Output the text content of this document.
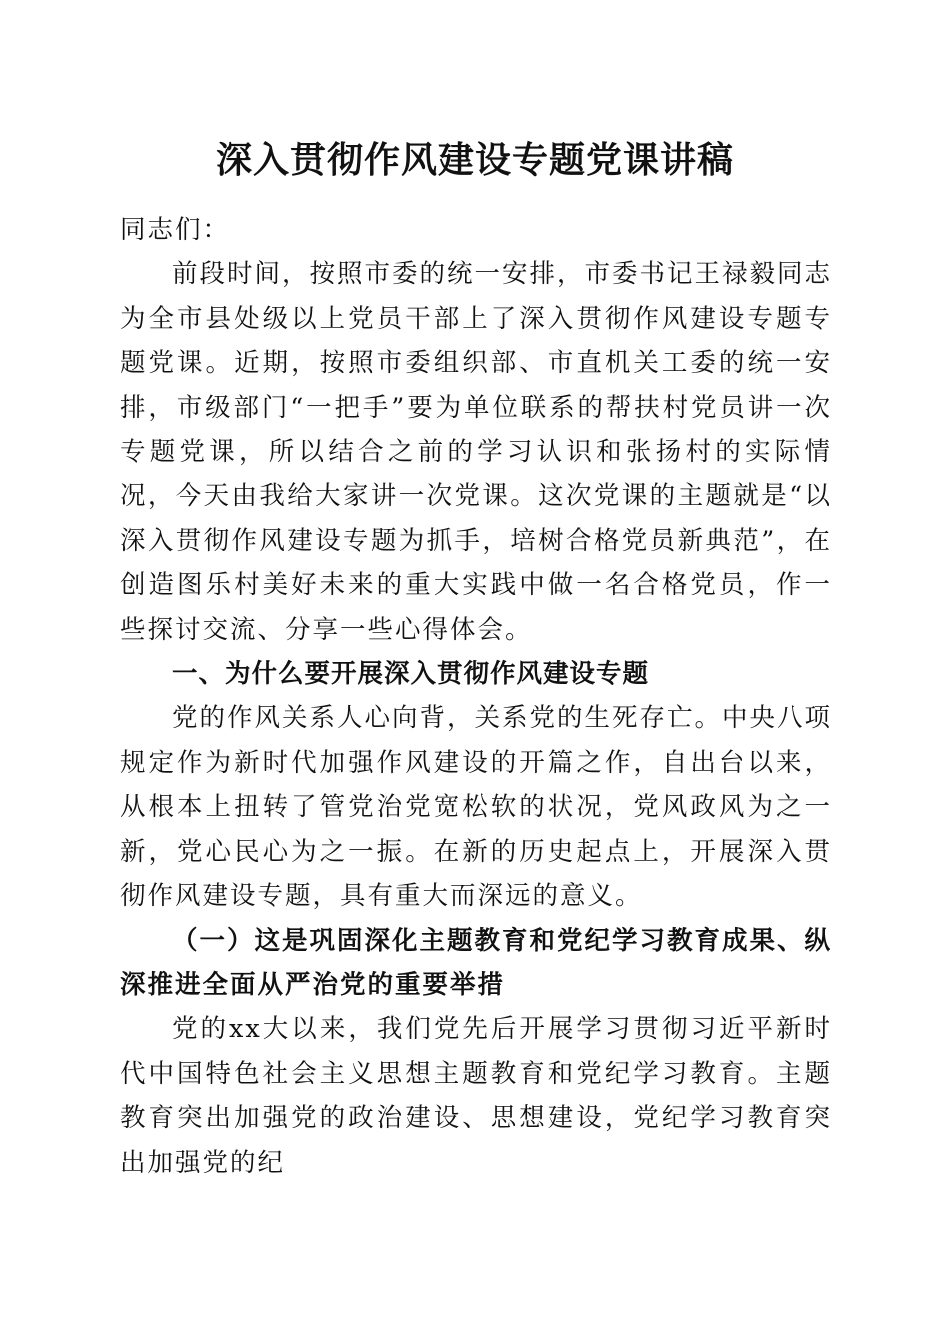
深入贯彻作风建设专题党课讲稿

同志们：

前段时间，按照市委的统一安排，市委书记王禄毅同志为全市县处级以上党员干部上了深入贯彻作风建设专题专题党课。近期，按照市委组织部、市直机关工委的统一安排，市级部门“一把手”要为单位联系的帮扶村党员讲一次专题党课，所以结合之前的学习认识和张扬村的实际情况，今天由我给大家讲一次党课。这次党课的主题就是“以深入贯彻作风建设专题为抓手，培树合格党员新典范”，在创造图乐村美好未来的重大实践中做一名合格党员，作一些探讨交流、分享一些心得体会。

一、为什么要开展深入贯彻作风建设专题

党的作风关系人心向背，关系党的生死存亡。中央八项规定作为新时代加强作风建设的开篇之作，自出台以来，从根本上扭转了管党治党宽松软的状况，党风政风为之一新，党心民心为之一振。在新的历史起点上，开展深入贯彻作风建设专题，具有重大而深远的意义。

（一）这是巩固深化主题教育和党纪学习教育成果、纵深推进全面从严治党的重要举措

党的xx大以来，我们党先后开展学习贯彻习近平新时代中国特色社会主义思想主题教育和党纪学习教育。主题教育突出加强党的政治建设、思想建设，党纪学习教育突出加强党的纪
